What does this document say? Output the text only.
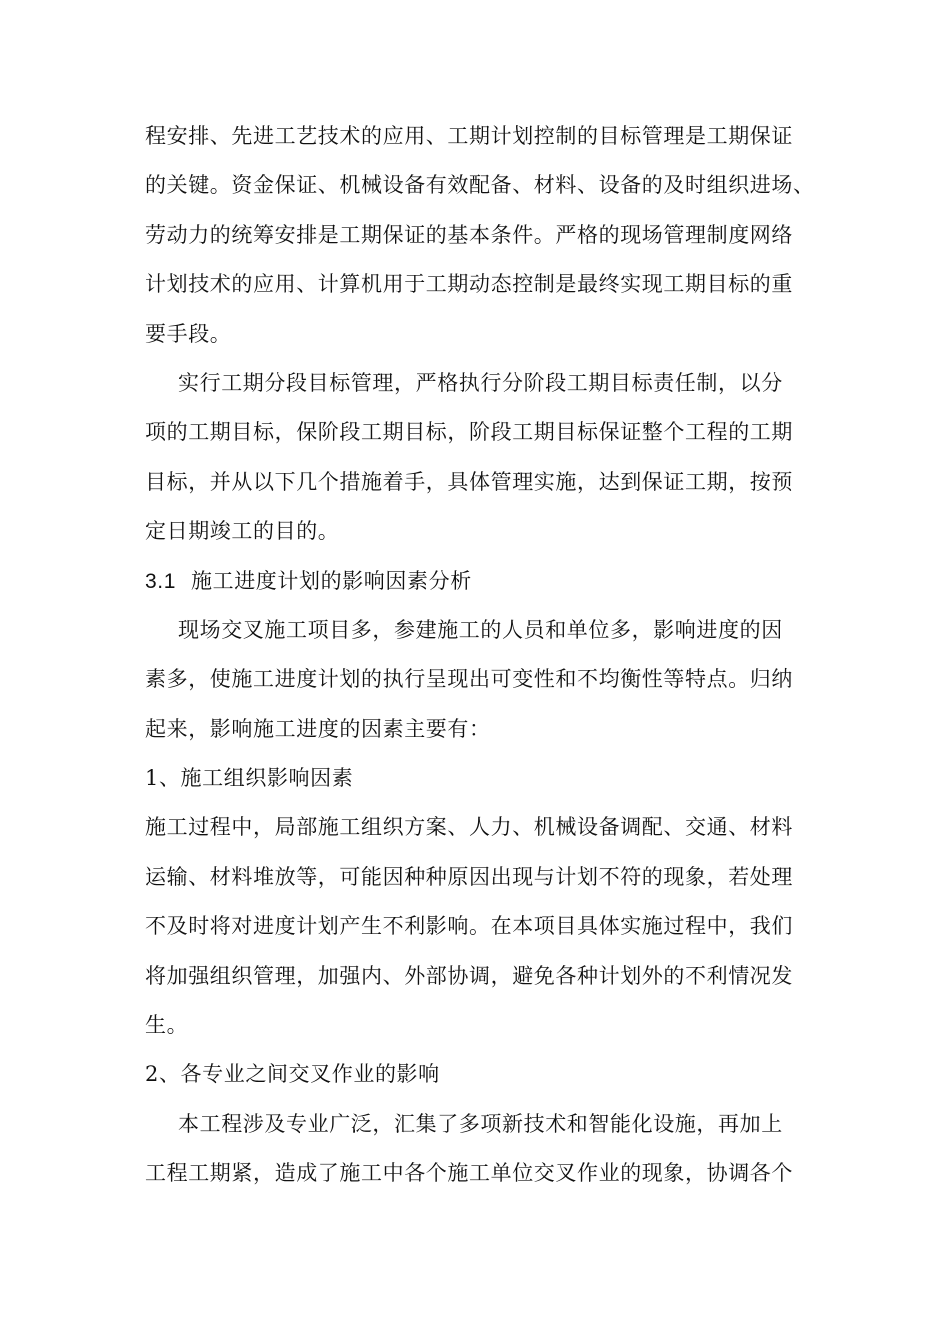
程安排、先进工艺技术的应用、工期计划控制的目标管理是工期保证
的关键。资金保证、机械设备有效配备、材料、设备的及时组织进场、
劳动力的统筹安排是工期保证的基本条件。严格的现场管理制度网络
计划技术的应用、计算机用于工期动态控制是最终实现工期目标的重
要手段。
实行工期分段目标管理，严格执行分阶段工期目标责任制，以分
项的工期目标，保阶段工期目标，阶段工期目标保证整个工程的工期
目标，并从以下几个措施着手，具体管理实施，达到保证工期，按预
定日期竣工的目的。
3.1 施工进度计划的影响因素分析
现场交叉施工项目多，参建施工的人员和单位多，影响进度的因
素多，使施工进度计划的执行呈现出可变性和不均衡性等特点。归纳
起来，影响施工进度的因素主要有：
1、施工组织影响因素
施工过程中，局部施工组织方案、人力、机械设备调配、交通、材料
运输、材料堆放等，可能因种种原因出现与计划不符的现象，若处理
不及时将对进度计划产生不利影响。在本项目具体实施过程中，我们
将加强组织管理，加强内、外部协调，避免各种计划外的不利情况发
生。
2、各专业之间交叉作业的影响
本工程涉及专业广泛，汇集了多项新技术和智能化设施，再加上
工程工期紧，造成了施工中各个施工单位交叉作业的现象，协调各个
